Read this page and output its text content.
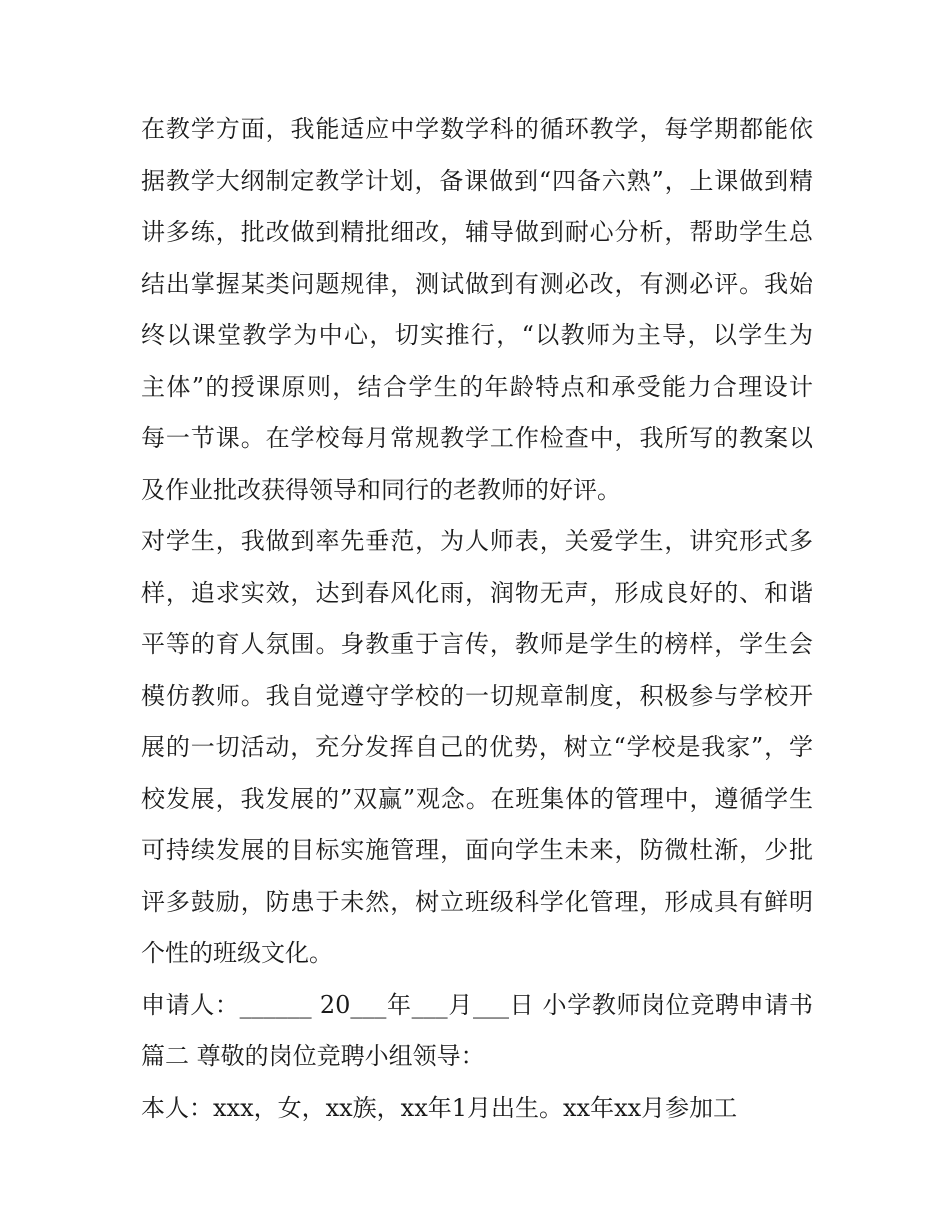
在教学方面，我能适应中学数学科的循环教学，每学期都能依
据教学大纲制定教学计划，备课做到“四备六熟”，上课做到精
讲多练，批改做到精批细改，辅导做到耐心分析，帮助学生总
结出掌握某类问题规律，测试做到有测必改，有测必评。我始
终以课堂教学为中心，切实推行，“以教师为主导，以学生为
主体”的授课原则，结合学生的年龄特点和承受能力合理设计
每一节课。在学校每月常规教学工作检查中，我所写的教案以
及作业批改获得领导和同行的老教师的好评。
对学生，我做到率先垂范，为人师表，关爱学生，讲究形式多
样，追求实效，达到春风化雨，润物无声，形成良好的、和谐
平等的育人氛围。身教重于言传，教师是学生的榜样，学生会
模仿教师。我自觉遵守学校的一切规章制度，积极参与学校开
展的一切活动，充分发挥自己的优势，树立“学校是我家”，学
校发展，我发展的”双赢”观念。在班集体的管理中，遵循学生
可持续发展的目标实施管理，面向学生未来，防微杜渐，少批
评多鼓励，防患于未然，树立班级科学化管理，形成具有鲜明
个性的班级文化。
申请人：______ 20___年___月___日 小学教师岗位竞聘申请书
篇二 尊敬的岗位竞聘小组领导：
本人：xxx，女，xx族，xx年1月出生。xx年xx月参加工
